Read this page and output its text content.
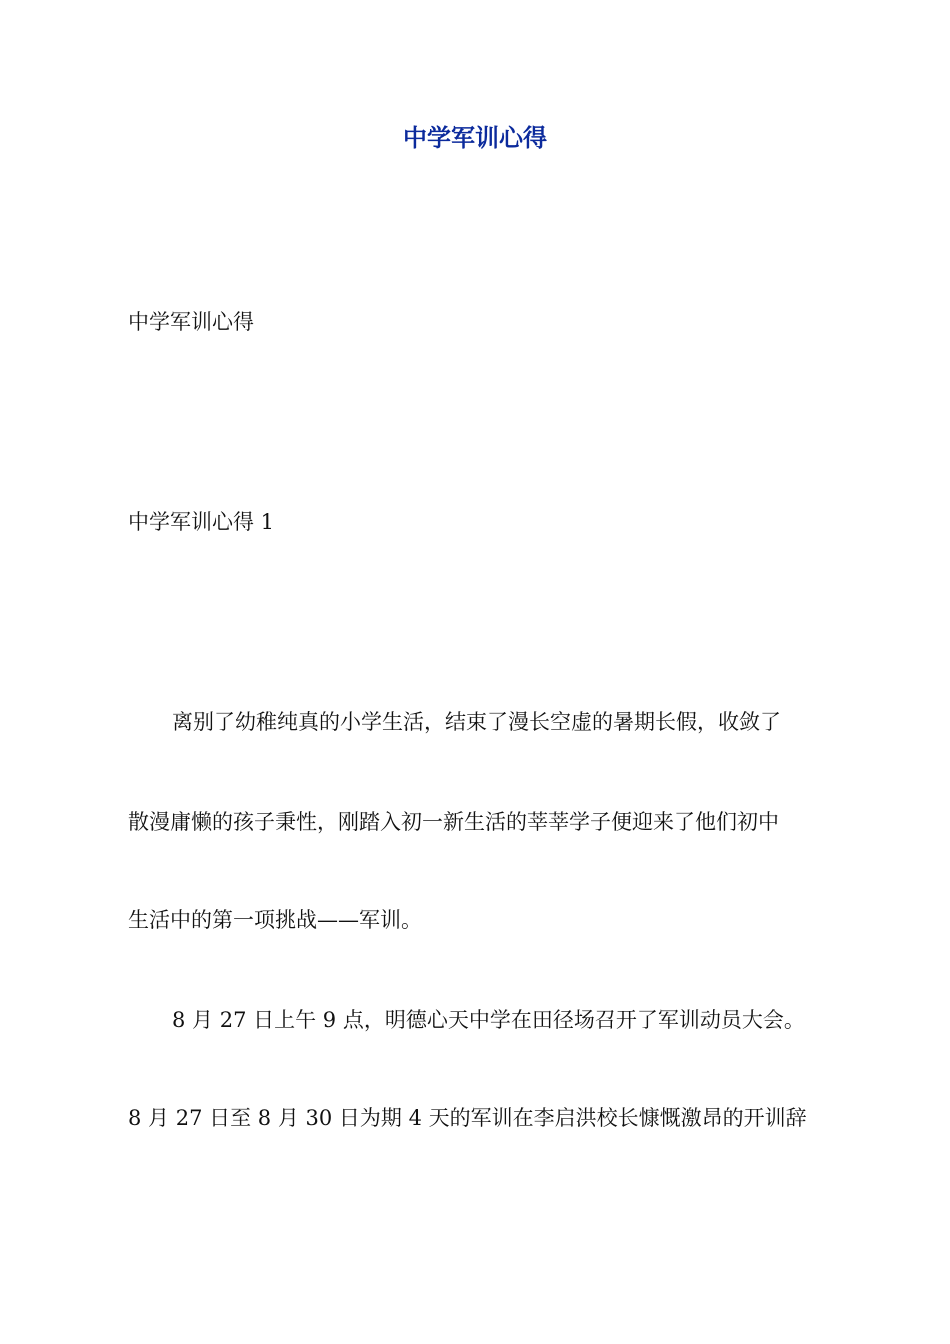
中学军训心得

中学军训心得

中学军训心得 1

离别了幼稚纯真的小学生活，结束了漫长空虚的暑期长假，收敛了

散漫庸懒的孩子秉性，刚踏入初一新生活的莘莘学子便迎来了他们初中

生活中的第一项挑战——军训。

8 月 27 日上午 9 点，明德心天中学在田径场召开了军训动员大会。

8 月 27 日至 8 月 30 日为期 4 天的军训在李启洪校长慷慨激昂的开训辞
